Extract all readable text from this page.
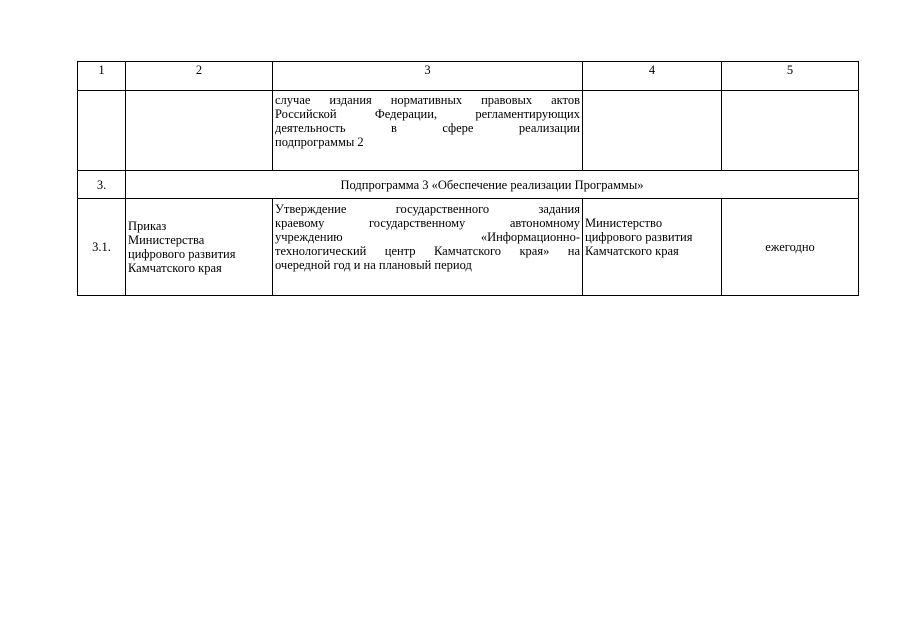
1	2	3	4	5

		случае издания нормативных правовых актов
Российской Федерации, регламентирующих
деятельность в сфере реализации
подпрограммы 2		

3.	Подпрограмма 3 «Обеспечение реализации Программы»			
3.1.	Приказ
Министерства
цифрового развития
Камчатского края	Утверждение государственного задания
краевому государственному автономному
учреждению «Информационно-
технологический центр Камчатского края» на
очередной год и на плановый период	Министерство
цифрового развития
Камчатского края	ежегодно
